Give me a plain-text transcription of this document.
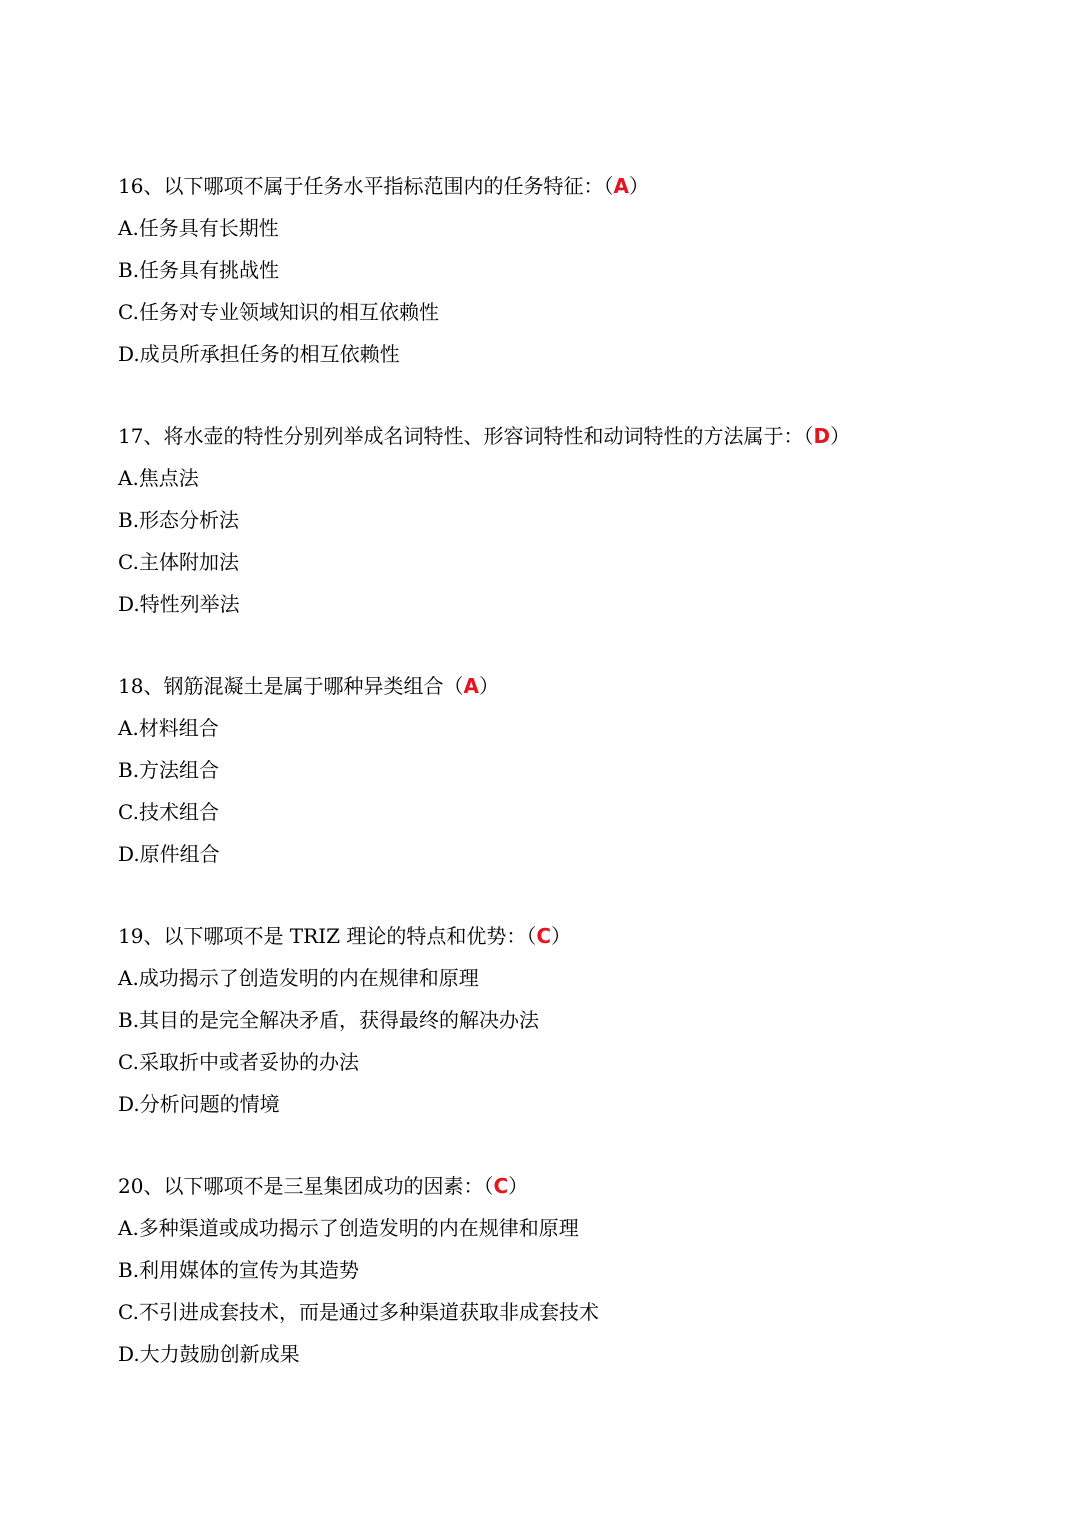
16、以下哪项不属于任务水平指标范围内的任务特征：（A）
A.任务具有长期性
B.任务具有挑战性
C.任务对专业领域知识的相互依赖性
D.成员所承担任务的相互依赖性
17、将水壶的特性分别列举成名词特性、形容词特性和动词特性的方法属于：（D）
A.焦点法
B.形态分析法
C.主体附加法
D.特性列举法
18、钢筋混凝土是属于哪种异类组合（A）
A.材料组合
B.方法组合
C.技术组合
D.原件组合
19、以下哪项不是 TRIZ 理论的特点和优势：（C）
A.成功揭示了创造发明的内在规律和原理
B.其目的是完全解决矛盾，获得最终的解决办法
C.采取折中或者妥协的办法
D.分析问题的情境
20、以下哪项不是三星集团成功的因素：（C）
A.多种渠道或成功揭示了创造发明的内在规律和原理
B.利用媒体的宣传为其造势
C.不引进成套技术，而是通过多种渠道获取非成套技术
D.大力鼓励创新成果
